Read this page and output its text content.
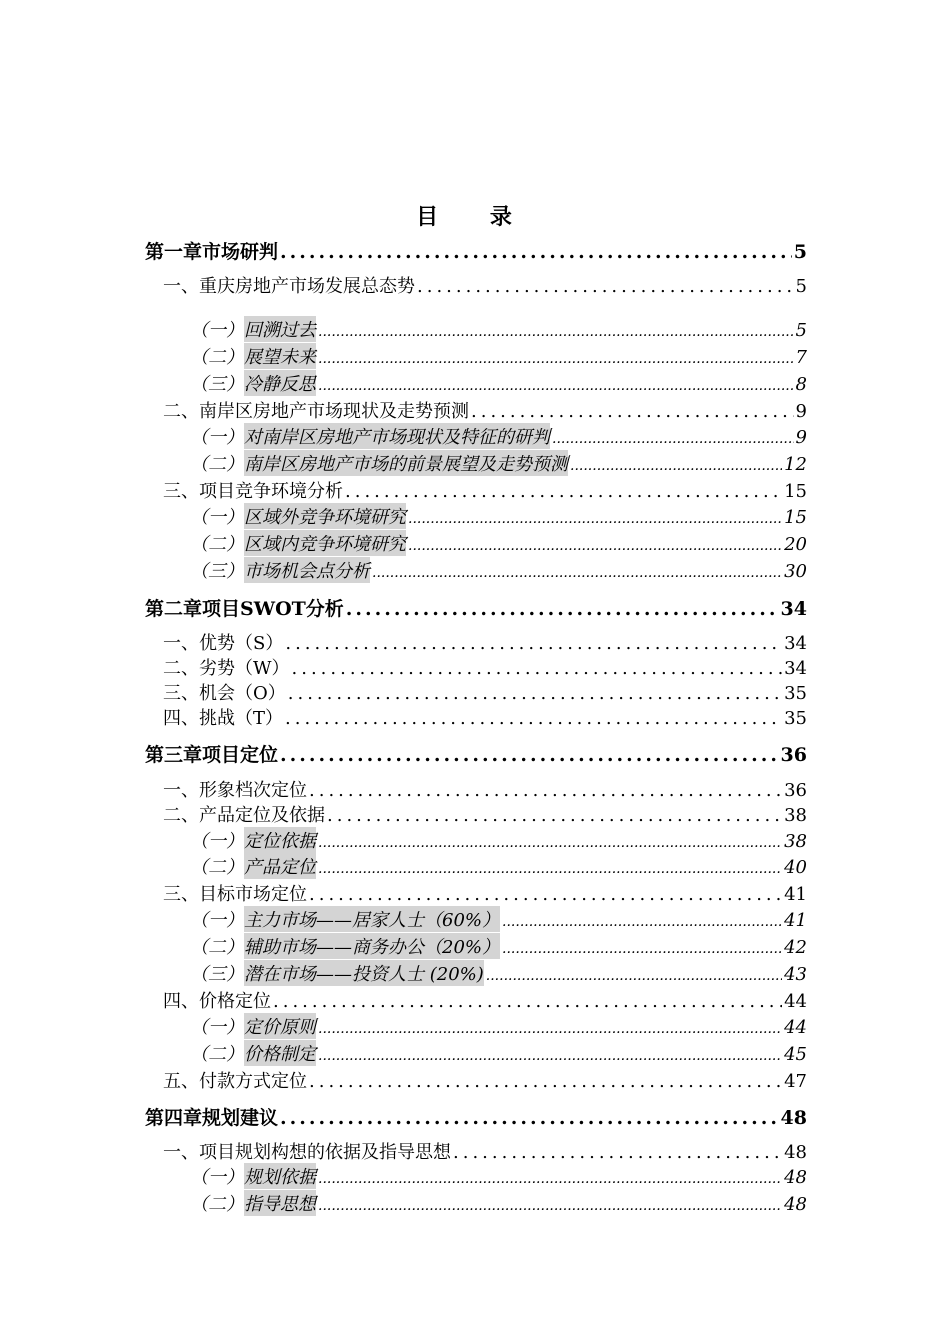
目 录
第一章 市场研判 .....	5
一、 重庆房地产市场发展总态势 .....	5
（一） 回溯过去 .....	5
（二） 展望未来 .....	7
（三） 冷静反思 .....	8
二、 南岸区房地产市场现状及走势预测 .....	9
（一） 对南岸区房地产市场现状及特征的研判 .....	9
（二） 南岸区房地产市场的前景展望及走势预测 .....	12
三、 项目竞争环境分析 .....	15
（一） 区域外竞争环境研究 .....	15
（二） 区域内竞争环境研究 .....	20
（三） 市场机会点分析 .....	30
第二章 项目SWOT分析 .....	34
一、 优势（S） .....	34
二、 劣势（W） .....	34
三、 机会（O） .....	35
四、 挑战（T） .....	35
第三章 项目定位 .....	36
一、 形象档次定位 .....	36
二、 产品定位及依据 .....	38
（一） 定位依据 .....	38
（二） 产品定位 .....	40
三、 目标市场定位 .....	41
（一） 主力市场——居家人士（60%） .....	41
（二） 辅助市场——商务办公（20%） .....	42
（三） 潜在市场——投资人士 (20%) .....	43
四、 价格定位 .....	44
（一） 定价原则 .....	44
（二） 价格制定 .....	45
五、 付款方式定位 .....	47
第四章 规划建议 .....	48
一、 项目规划构想的依据及指导思想 .....	48
（一） 规划依据 .....	48
（二） 指导思想 .....	48
